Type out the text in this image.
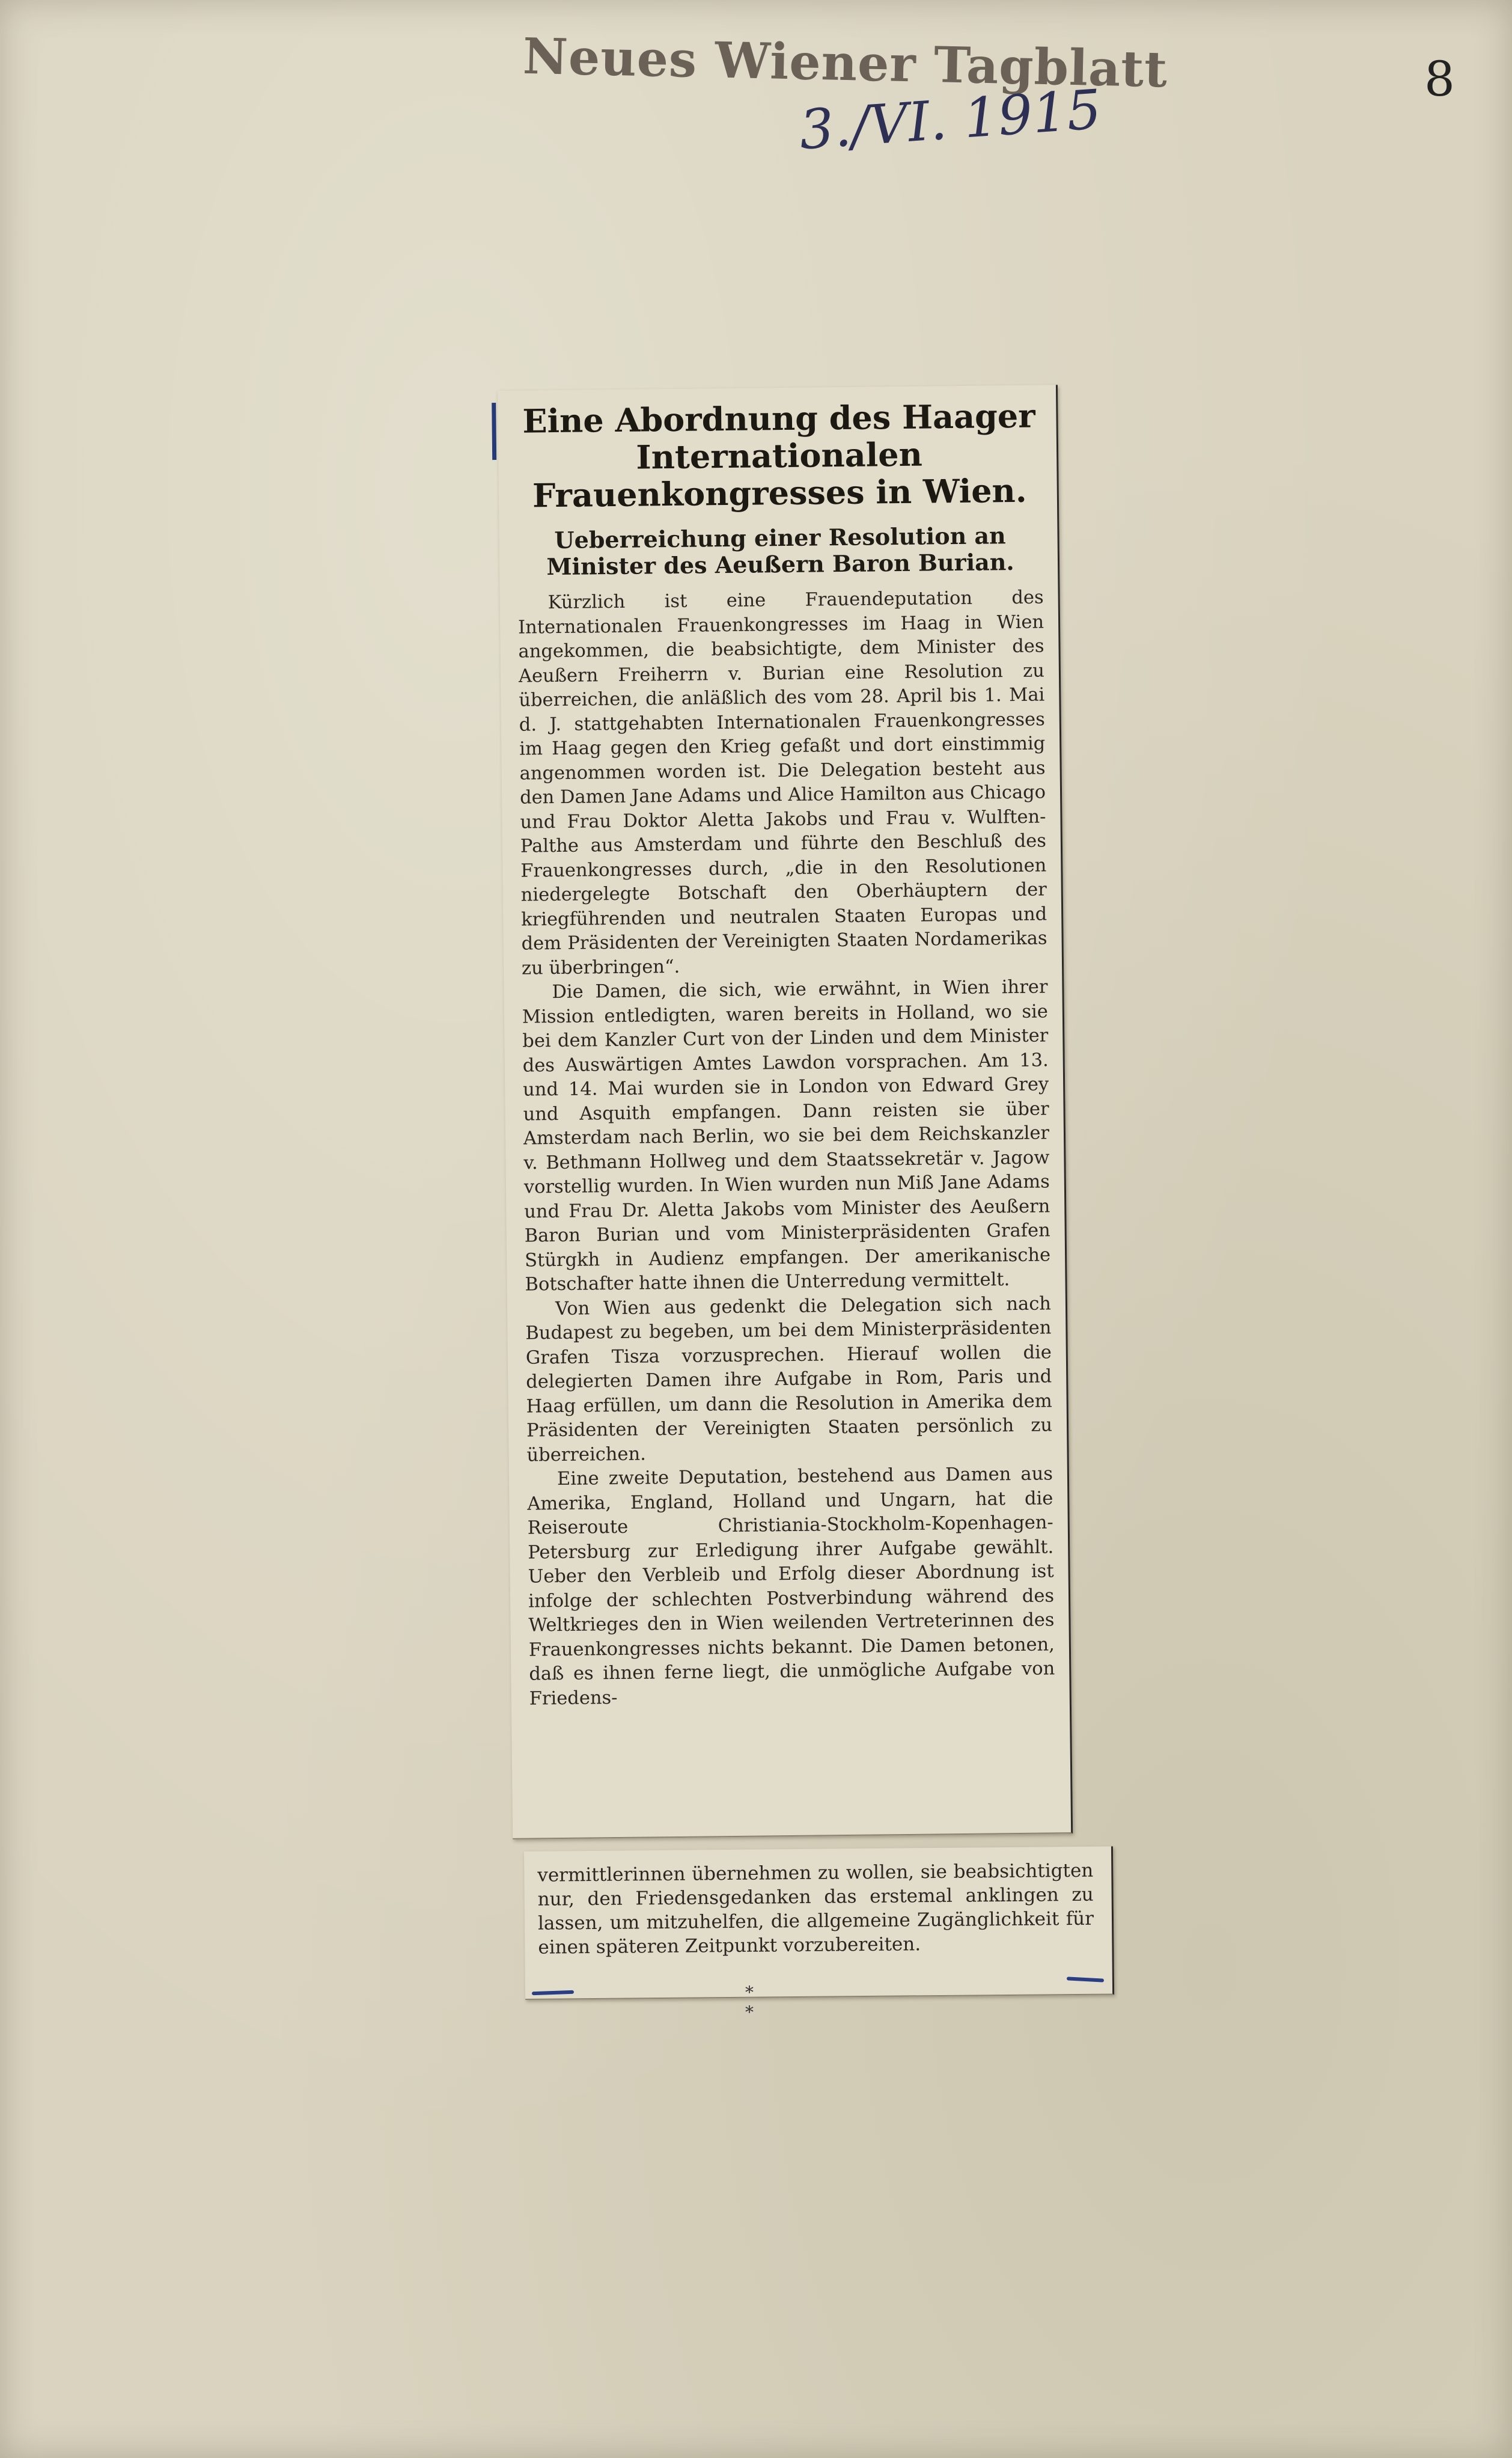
Neues Wiener Tagblatt
3./VI. 1915	8
Eine Abordnung des Haager Internationalen Frauenkongresses in Wien.
Ueberreichung einer Resolution an Minister des Aeußern Baron Burian.

Kürzlich ist eine Frauendeputation des Internationalen Frauenkongresses im Haag in Wien angekommen, die beabsichtigte, dem Minister des Aeußern Freiherrn v. Burian eine Resolution zu überreichen, die anläßlich des vom 28. April bis 1. Mai d. J. stattgehabten Internationalen Frauenkongresses im Haag gegen den Krieg gefaßt und dort einstimmig angenommen worden ist. Die Delegation besteht aus den Damen Jane Adams und Alice Hamilton aus Chicago und Frau Doktor Aletta Jakobs und Frau v. Wulften-Palthe aus Amsterdam und führte den Beschluß des Frauenkongresses durch, „die in den Resolutionen niedergelegte Botschaft den Oberhäuptern der kriegführenden und neutralen Staaten Europas und dem Präsidenten der Vereinigten Staaten Nordamerikas zu überbringen“.

Die Damen, die sich, wie erwähnt, in Wien ihrer Mission entledigten, waren bereits in Holland, wo sie bei dem Kanzler Curt von der Linden und dem Minister des Auswärtigen Amtes Lawdon vorsprachen. Am 13. und 14. Mai wurden sie in London von Edward Grey und Asquith empfangen. Dann reisten sie über Amsterdam nach Berlin, wo sie bei dem Reichskanzler v. Bethmann Hollweg und dem Staatssekretär v. Jagow vorstellig wurden. In Wien wurden nun Miß Jane Adams und Frau Dr. Aletta Jakobs vom Minister des Aeußern Baron Burian und vom Ministerpräsidenten Grafen Stürgkh in Audienz empfangen. Der amerikanische Botschafter hatte ihnen die Unterredung vermittelt.

Von Wien aus gedenkt die Delegation sich nach Budapest zu begeben, um bei dem Ministerpräsidenten Grafen Tisza vorzusprechen. Hierauf wollen die delegierten Damen ihre Aufgabe in Rom, Paris und Haag erfüllen, um dann die Resolution in Amerika dem Präsidenten der Vereinigten Staaten persönlich zu überreichen.

Eine zweite Deputation, bestehend aus Damen aus Amerika, England, Holland und Ungarn, hat die Reiseroute Christiania-Stockholm-Kopenhagen-Petersburg zur Erledigung ihrer Aufgabe gewählt. Ueber den Verbleib und Erfolg dieser Abordnung ist infolge der schlechten Postverbindung während des Weltkrieges den in Wien weilenden Vertreterinnen des Frauenkongresses nichts bekannt. Die Damen betonen, daß es ihnen ferne liegt, die unmögliche Aufgabe von Friedens-

vermittlerinnen übernehmen zu wollen, sie beabsichtigten nur, den Friedensgedanken das erstemal anklingen zu lassen, um mitzuhelfen, die allgemeine Zugänglichkeit für einen späteren Zeitpunkt vorzubereiten.

* *
